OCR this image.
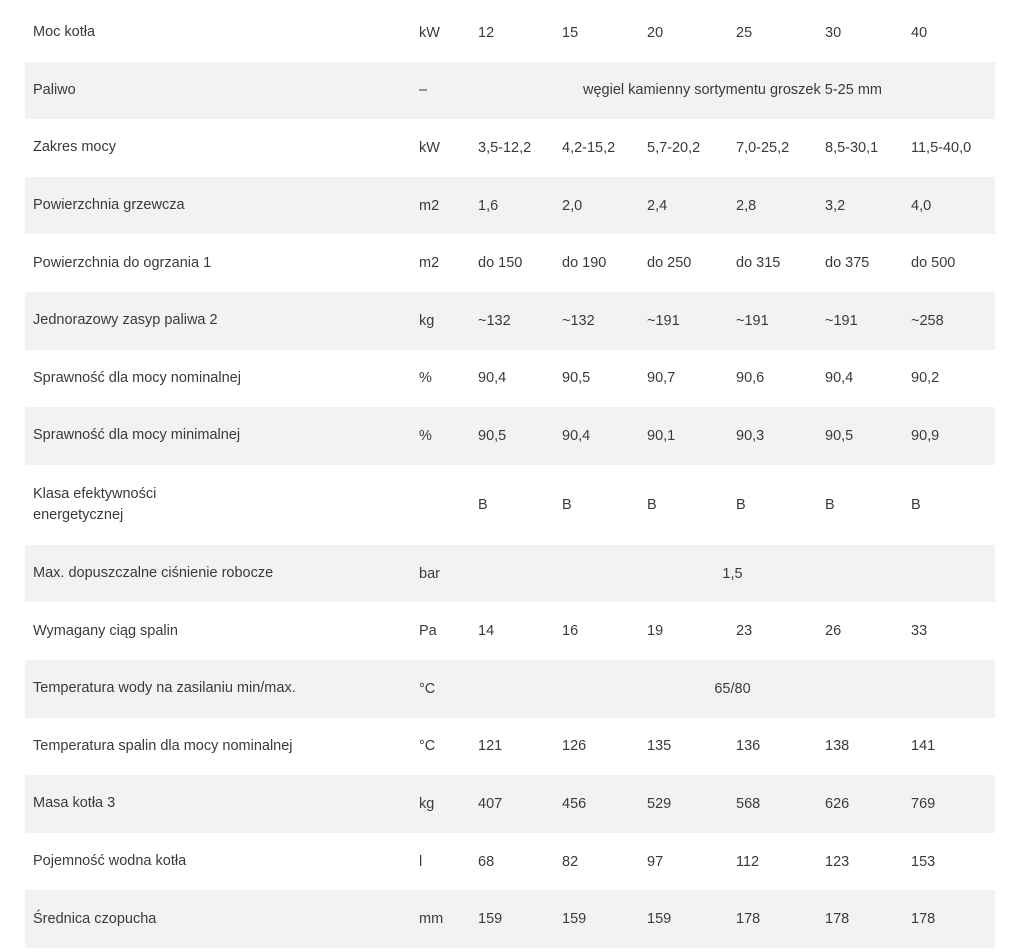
Moc kotła	kW	12	15	20	25	30	40
Paliwo	–	węgiel kamienny sortymentu groszek 5-25 mm					
Zakres mocy	kW	3,5-12,2	4,2-15,2	5,7-20,2	7,0-25,2	8,5-30,1	11,5-40,0
Powierzchnia grzewcza	m2	1,6	2,0	2,4	2,8	3,2	4,0
Powierzchnia do ogrzania 1	m2	do 150	do 190	do 250	do 315	do 375	do 500
Jednorazowy zasyp paliwa 2	kg	~132	~132	~191	~191	~191	~258
Sprawność dla mocy nominalnej	%	90,4	90,5	90,7	90,6	90,4	90,2
Sprawność dla mocy minimalnej	%	90,5	90,4	90,1	90,3	90,5	90,9
Klasa efektywności energetycznej		B	B	B	B	B	B
Max. dopuszczalne ciśnienie robocze	bar	1,5					
Wymagany ciąg spalin	Pa	14	16	19	23	26	33
Temperatura wody na zasilaniu min/max.	°C	65/80					
Temperatura spalin dla mocy nominalnej	°C	121	126	135	136	138	141
Masa kotła 3	kg	407	456	529	568	626	769
Pojemność wodna kotła	l	68	82	97	112	123	153
Średnica czopucha	mm	159	159	159	178	178	178
